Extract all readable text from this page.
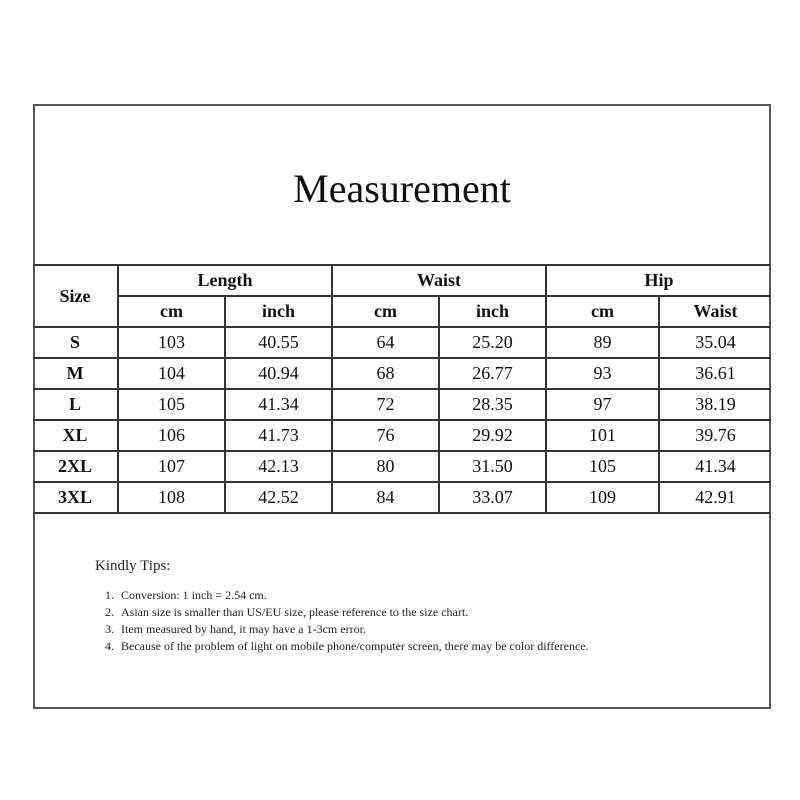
Measurement
Size	Length		Waist		Hip	
	cm	inch	cm	inch	cm	Waist
S	103	40.55	64	25.20	89	35.04
M	104	40.94	68	26.77	93	36.61
L	105	41.34	72	28.35	97	38.19
XL	106	41.73	76	29.92	101	39.76
2XL	107	42.13	80	31.50	105	41.34
3XL	108	42.52	84	33.07	109	42.91
Kindly Tips:
1. Conversion: 1 inch = 2.54 cm.
2. Asian size is smaller than US/EU size, please reference to the size chart.
3. Item measured by hand, it may have a 1-3cm error.
4. Because of the problem of light on mobile phone/computer screen, there may be color difference.
